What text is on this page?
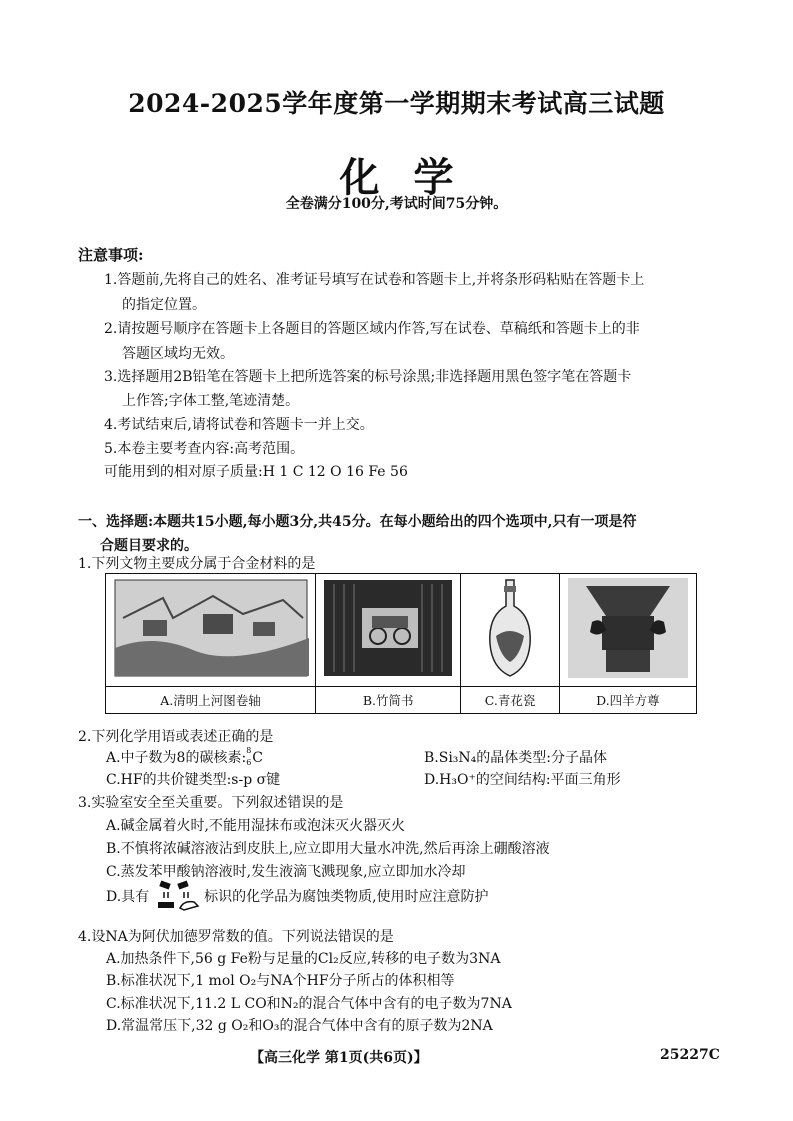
2024-2025学年度第一学期期末考试高三试题
化学
全卷满分100分,考试时间75分钟。
注意事项:
1.答题前,先将自己的姓名、准考证号填写在试卷和答题卡上,并将条形码粘贴在答题卡上
的指定位置。
2.请按题号顺序在答题卡上各题目的答题区域内作答,写在试卷、草稿纸和答题卡上的非
答题区域均无效。
3.选择题用2B铅笔在答题卡上把所选答案的标号涂黑;非选择题用黑色签字笔在答题卡
上作答;字体工整,笔迹清楚。
4.考试结束后,请将试卷和答题卡一并上交。
5.本卷主要考查内容:高考范围。
可能用到的相对原子质量:H 1 C 12 O 16 Fe 56
一、选择题:本题共15小题,每小题3分,共45分。在每小题给出的四个选项中,只有一项是符
合题目要求的。
1.下列文物主要成分属于合金材料的是

A.清明上河图卷轴	B.竹简书	C.青花瓷	D.四羊方尊
2.下列化学用语或表述正确的是
A.中子数为8的碳核素: 8
6 C	B.Si₃N₄的晶体类型:分子晶体
C.HF的共价键类型:s-p σ键	D.H₃O⁺的空间结构:平面三角形
3.实验室安全至关重要。下列叙述错误的是
A.碱金属着火时,不能用湿抹布或泡沫灭火器灭火
B.不慎将浓碱溶液沾到皮肤上,应立即用大量水冲洗,然后再涂上硼酸溶液
C.蒸发苯甲酸钠溶液时,发生液滴飞溅现象,应立即加水冷却
D.具有	标识的化学品为腐蚀类物质,使用时应注意防护
4.设NA为阿伏加德罗常数的值。下列说法错误的是
A.加热条件下,56 g Fe粉与足量的Cl₂反应,转移的电子数为3NA
B.标准状况下,1 mol O₂与NA个HF分子所占的体积相等
C.标准状况下,11.2 L CO和N₂的混合气体中含有的电子数为7NA
D.常温常压下,32 g O₂和O₃的混合气体中含有的原子数为2NA
【高三化学 第1页(共6页)】	25227C
